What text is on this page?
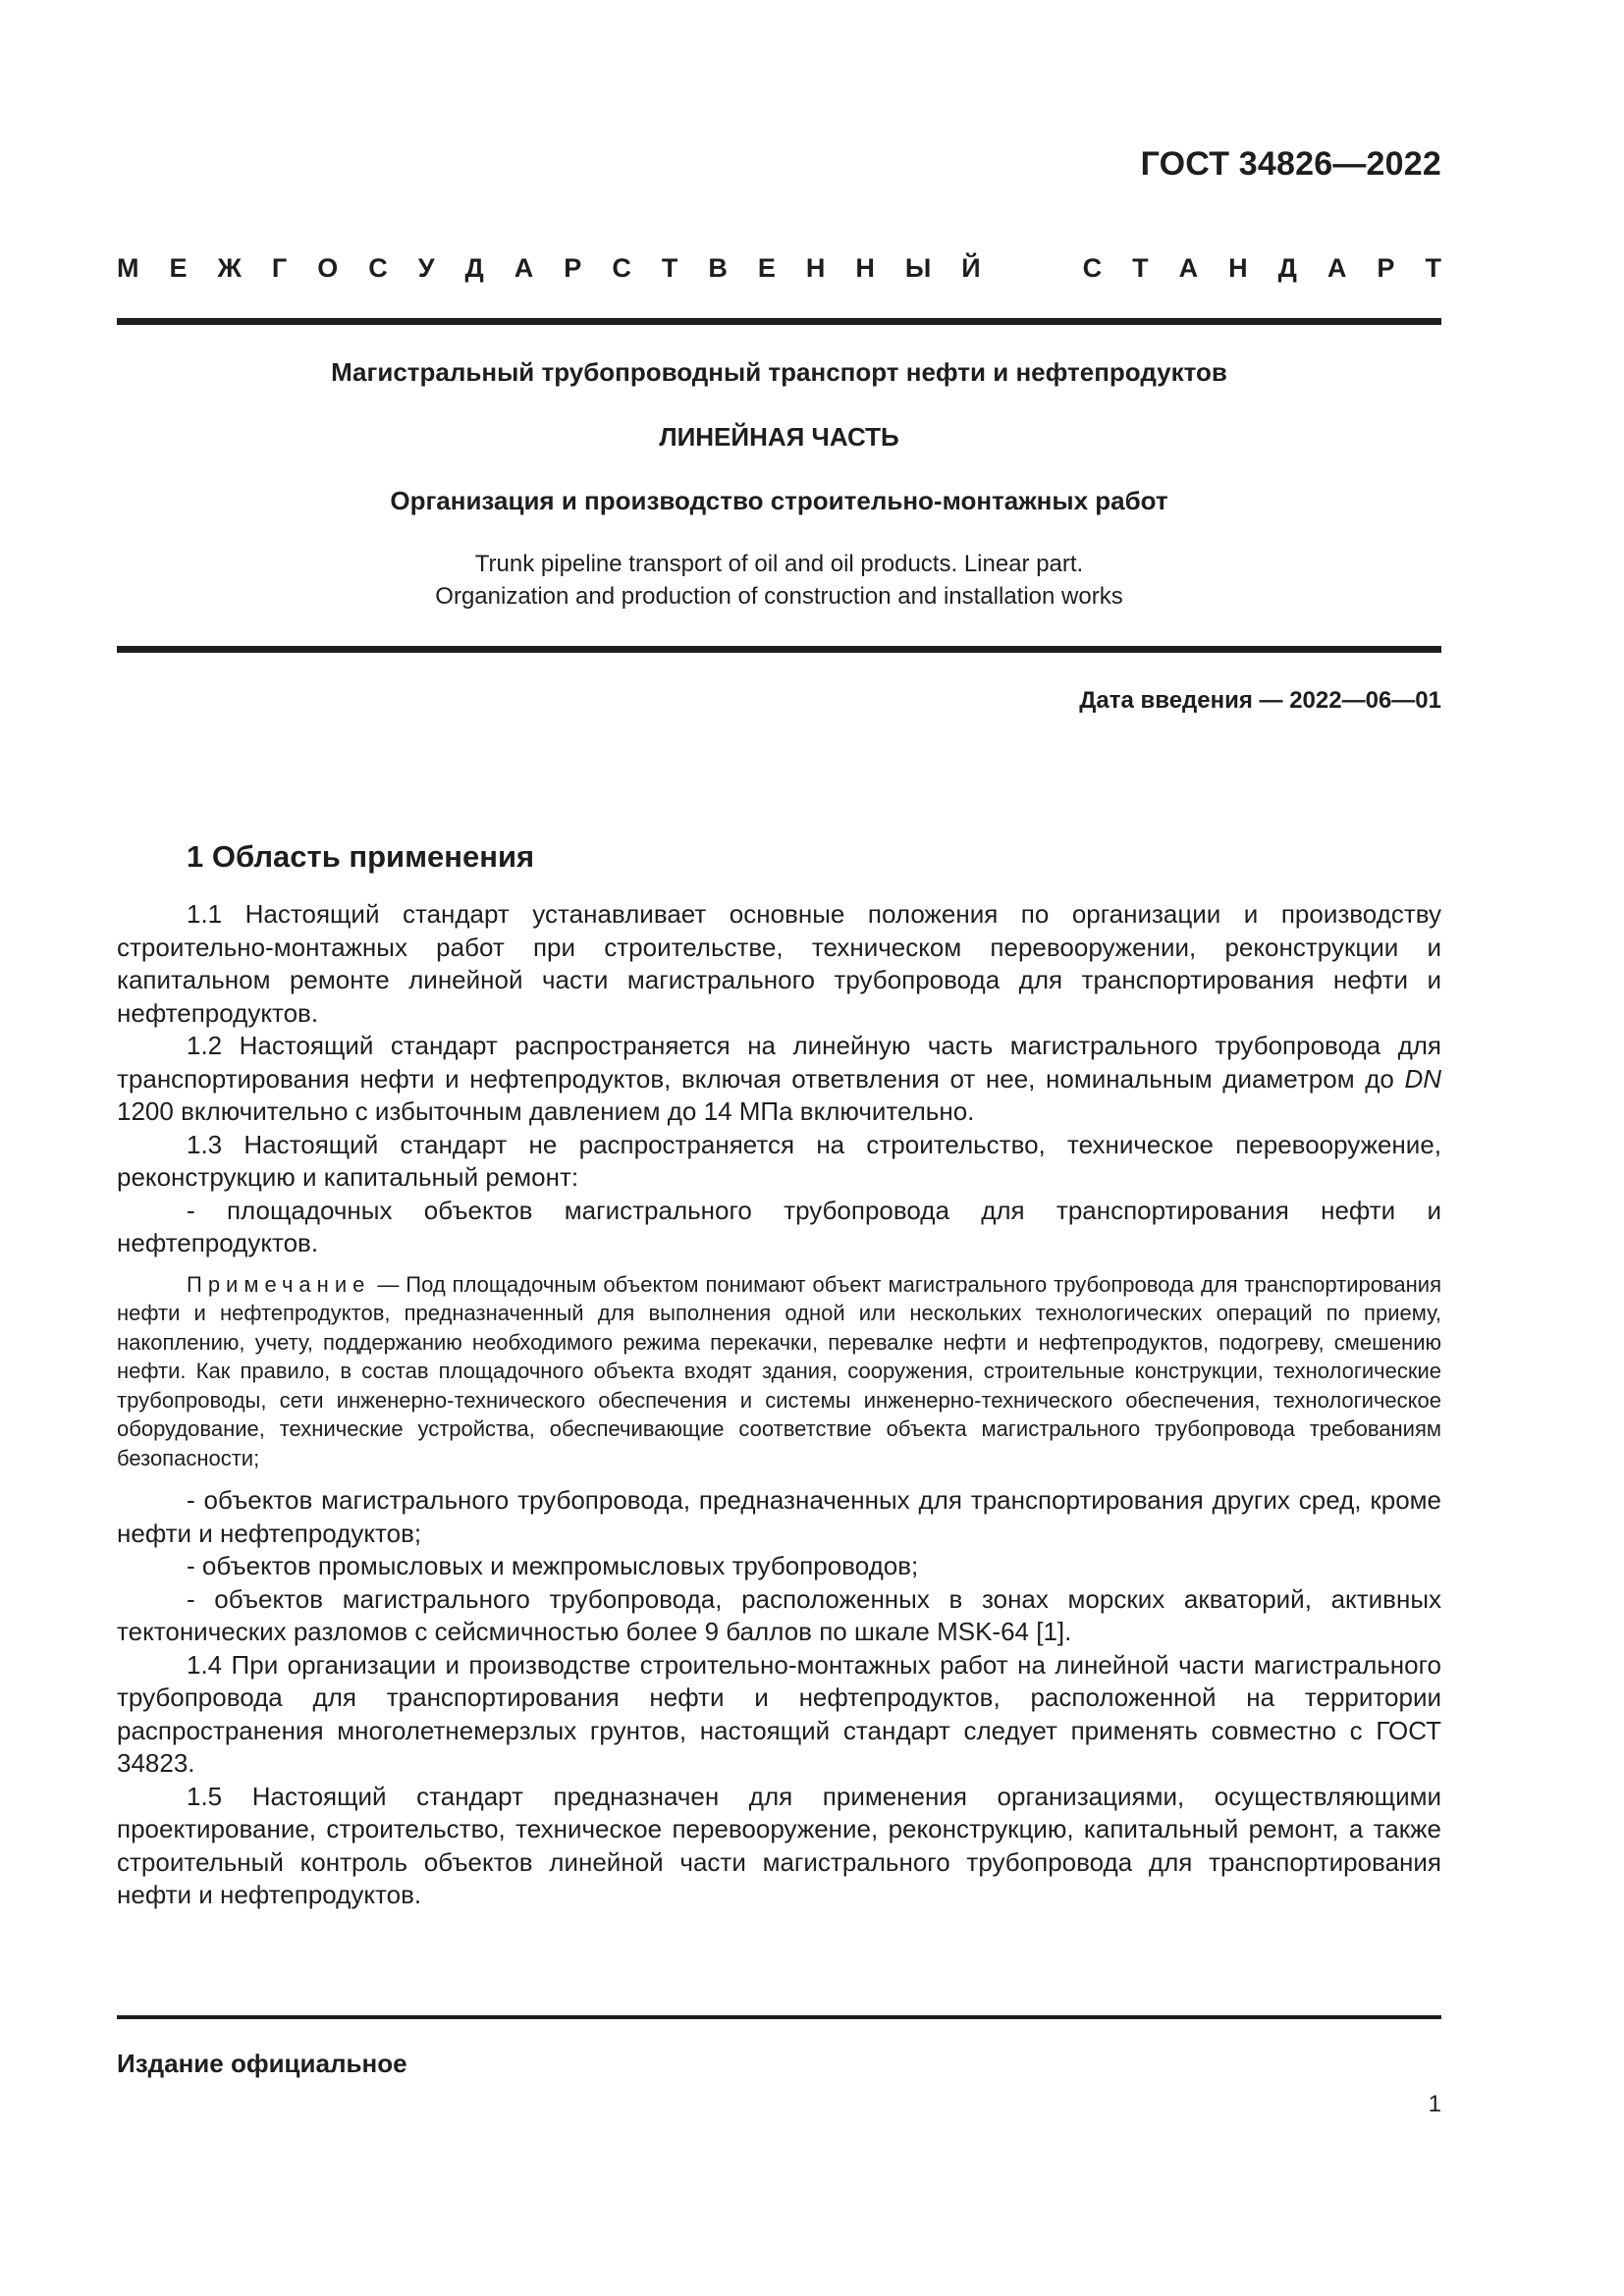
ГОСТ 34826—2022
М Е Ж Г О С У Д А Р С Т В Е Н Н Ы Й	С Т А Н Д А Р Т
Магистральный трубопроводный транспорт нефти и нефтепродуктов
ЛИНЕЙНАЯ ЧАСТЬ
Организация и производство строительно-монтажных работ
Trunk pipeline transport of oil and oil products. Linear part.
Organization and production of construction and installation works
Дата введения — 2022—06—01
1 Область применения

1.1 Настоящий стандарт устанавливает основные положения по организации и производству строительно-монтажных работ при строительстве, техническом перевооружении, реконструкции и капитальном ремонте линейной части магистрального трубопровода для транспортирования нефти и нефтепродуктов.

1.2 Настоящий стандарт распространяется на линейную часть магистрального трубопровода для транспортирования нефти и нефтепродуктов, включая ответвления от нее, номинальным диаметром до DN 1200 включительно с избыточным давлением до 14 МПа включительно.

1.3 Настоящий стандарт не распространяется на строительство, техническое перевооружение, реконструкцию и капитальный ремонт:

- площадочных объектов магистрального трубопровода для транспортирования нефти и нефтепродуктов.

Примечание — Под площадочным объектом понимают объект магистрального трубопровода для транспортирования нефти и нефтепродуктов, предназначенный для выполнения одной или нескольких технологических операций по приему, накоплению, учету, поддержанию необходимого режима перекачки, перевалке нефти и нефтепродуктов, подогреву, смешению нефти. Как правило, в состав площадочного объекта входят здания, сооружения, строительные конструкции, технологические трубопроводы, сети инженерно-технического обеспечения и системы инженерно-технического обеспечения, технологическое оборудование, технические устройства, обеспечивающие соответствие объекта магистрального трубопровода требованиям безопасности;

- объектов магистрального трубопровода, предназначенных для транспортирования других сред, кроме нефти и нефтепродуктов;

- объектов промысловых и межпромысловых трубопроводов;

- объектов магистрального трубопровода, расположенных в зонах морских акваторий, активных тектонических разломов с сейсмичностью более 9 баллов по шкале MSK-64 [1].

1.4 При организации и производстве строительно-монтажных работ на линейной части магистрального трубопровода для транспортирования нефти и нефтепродуктов, расположенной на территории распространения многолетнемерзлых грунтов, настоящий стандарт следует применять совместно с ГОСТ 34823.

1.5 Настоящий стандарт предназначен для применения организациями, осуществляющими проектирование, строительство, техническое перевооружение, реконструкцию, капитальный ремонт, а также строительный контроль объектов линейной части магистрального трубопровода для транспортирования нефти и нефтепродуктов.

Издание официальное
1
